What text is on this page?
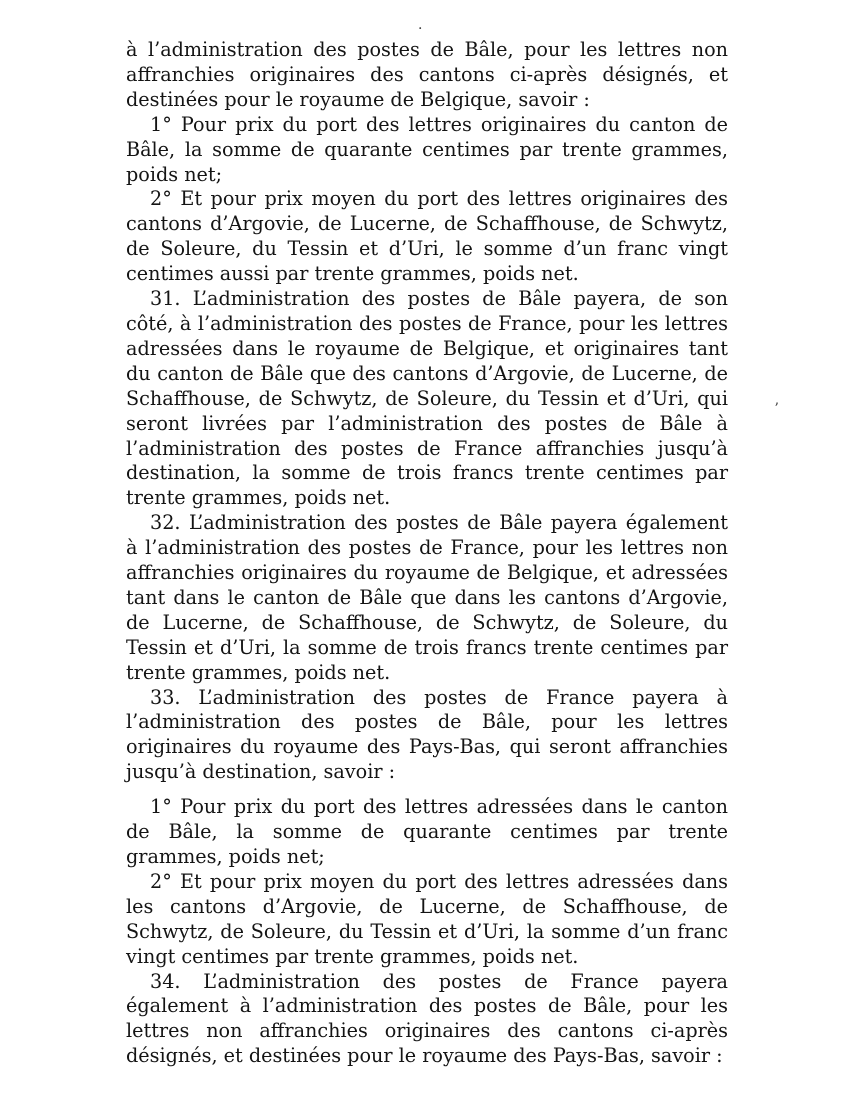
·
ʼ

à l’administration des postes de Bâle, pour les lettres non affranchies originaires des cantons ci-après désignés, et destinées pour le royaume de Belgique, savoir :

1° Pour prix du port des lettres originaires du canton de Bâle, la somme de quarante centimes par trente grammes, poids net;

2° Et pour prix moyen du port des lettres originaires des cantons d’Argovie, de Lucerne, de Schaffhouse, de Schwytz, de Soleure, du Tessin et d’Uri, le somme d’un franc vingt centimes aussi par trente grammes, poids net.

31. L’administration des postes de Bâle payera, de son côté, à l’administration des postes de France, pour les lettres adressées dans le royaume de Belgique, et originaires tant du canton de Bâle que des cantons d’Argovie, de Lucerne, de Schaffhouse, de Schwytz, de Soleure, du Tessin et d’Uri, qui seront livrées par l’administration des postes de Bâle à l’administration des postes de France affranchies jusqu’à destination, la somme de trois francs trente centimes par trente grammes, poids net.

32. L’administration des postes de Bâle payera également à l’administration des postes de France, pour les lettres non affranchies originaires du royaume de Belgique, et adressées tant dans le canton de Bâle que dans les cantons d’Argovie, de Lucerne, de Schaffhouse, de Schwytz, de Soleure, du Tessin et d’Uri, la somme de trois francs trente centimes par trente grammes, poids net.

33. L’administration des postes de France payera à l’administration des postes de Bâle, pour les lettres originaires du royaume des Pays-Bas, qui seront affranchies jusqu’à destination, savoir :

1° Pour prix du port des lettres adressées dans le canton de Bâle, la somme de quarante centimes par trente grammes, poids net;

2° Et pour prix moyen du port des lettres adressées dans les cantons d’Argovie, de Lucerne, de Schaffhouse, de Schwytz, de Soleure, du Tessin et d’Uri, la somme d’un franc vingt centimes par trente grammes, poids net.

34. L’administration des postes de France payera également à l’administration des postes de Bâle, pour les lettres non affranchies originaires des cantons ci-après désignés, et destinées pour le royaume des Pays-Bas, savoir :
